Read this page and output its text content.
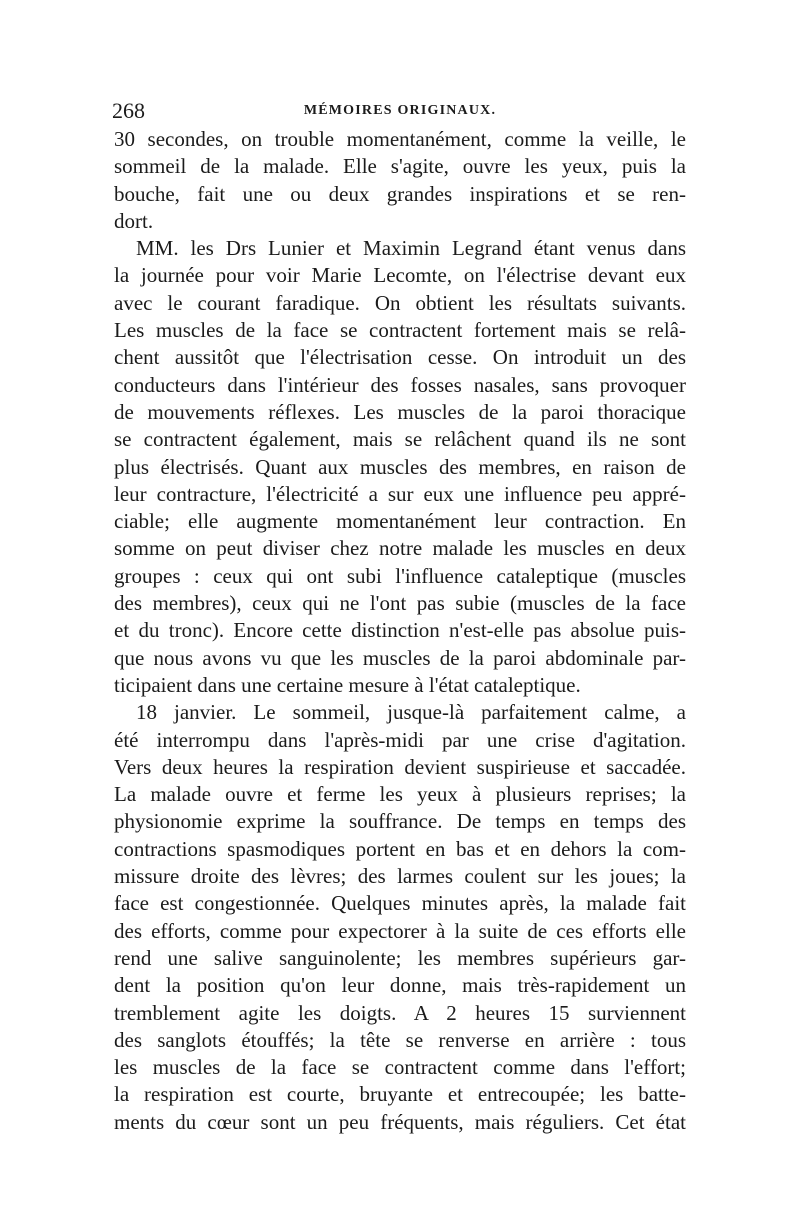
268	MÉMOIRES ORIGINAUX.
30 secondes, on trouble momentanément, comme la veille, le
sommeil de la malade. Elle s'agite, ouvre les yeux, puis la
bouche, fait une ou deux grandes inspirations et se ren-
dort.
MM. les Drs Lunier et Maximin Legrand étant venus dans
la journée pour voir Marie Lecomte, on l'électrise devant eux
avec le courant faradique. On obtient les résultats suivants.
Les muscles de la face se contractent fortement mais se relâ-
chent aussitôt que l'électrisation cesse. On introduit un des
conducteurs dans l'intérieur des fosses nasales, sans provoquer
de mouvements réflexes. Les muscles de la paroi thoracique
se contractent également, mais se relâchent quand ils ne sont
plus électrisés. Quant aux muscles des membres, en raison de
leur contracture, l'électricité a sur eux une influence peu appré-
ciable; elle augmente momentanément leur contraction. En
somme on peut diviser chez notre malade les muscles en deux
groupes : ceux qui ont subi l'influence cataleptique (muscles
des membres), ceux qui ne l'ont pas subie (muscles de la face
et du tronc). Encore cette distinction n'est-elle pas absolue puis-
que nous avons vu que les muscles de la paroi abdominale par-
ticipaient dans une certaine mesure à l'état cataleptique.
18 janvier. Le sommeil, jusque-là parfaitement calme, a
été interrompu dans l'après-midi par une crise d'agitation.
Vers deux heures la respiration devient suspirieuse et saccadée.
La malade ouvre et ferme les yeux à plusieurs reprises; la
physionomie exprime la souffrance. De temps en temps des
contractions spasmodiques portent en bas et en dehors la com-
missure droite des lèvres; des larmes coulent sur les joues; la
face est congestionnée. Quelques minutes après, la malade fait
des efforts, comme pour expectorer à la suite de ces efforts elle
rend une salive sanguinolente; les membres supérieurs gar-
dent la position qu'on leur donne, mais très-rapidement un
tremblement agite les doigts. A 2 heures 15 surviennent
des sanglots étouffés; la tête se renverse en arrière : tous
les muscles de la face se contractent comme dans l'effort;
la respiration est courte, bruyante et entrecoupée; les batte-
ments du cœur sont un peu fréquents, mais réguliers. Cet état
